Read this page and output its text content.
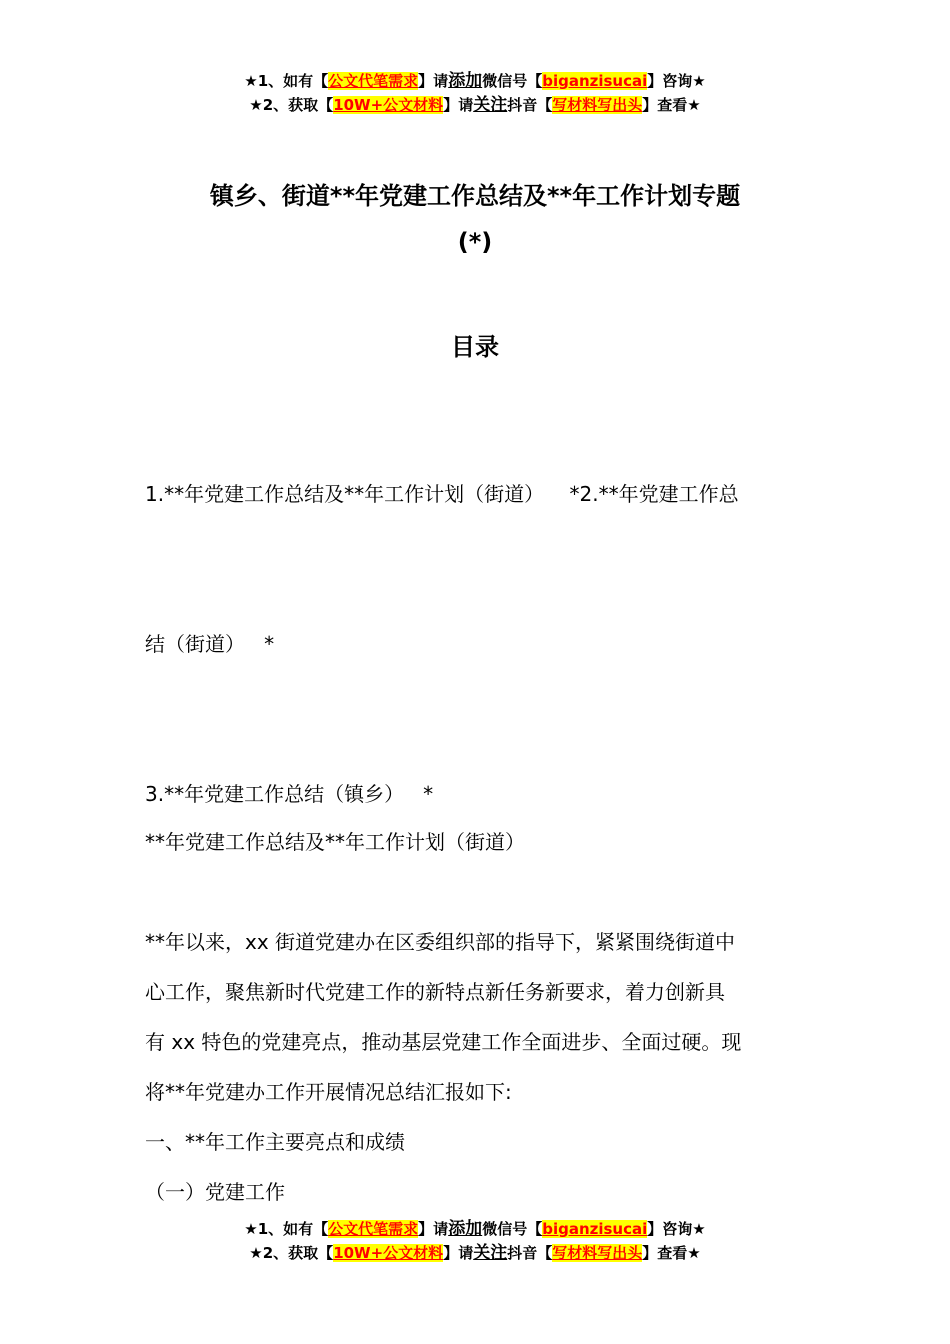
★1、如有【公文代笔需求】请添加微信号【biganzisucai】咨询★
★2、获取【10W+公文材料】请关注抖音【写材料写出头】查看★
镇乡、街道**年党建工作总结及**年工作计划专题
(*)
目录

1.**年党建工作总结及**年工作计划（街道）    *2.**年党建工作总

结（街道）   *

3.**年党建工作总结（镇乡）   *

**年党建工作总结及**年工作计划（街道）

**年以来，xx 街道党建办在区委组织部的指导下，紧紧围绕街道中

心工作，聚焦新时代党建工作的新特点新任务新要求，着力创新具

有 xx 特色的党建亮点，推动基层党建工作全面进步、全面过硬。现

将**年党建办工作开展情况总结汇报如下:

一、**年工作主要亮点和成绩

（一）党建工作

★1、如有【公文代笔需求】请添加微信号【biganzisucai】咨询★
★2、获取【10W+公文材料】请关注抖音【写材料写出头】查看★
